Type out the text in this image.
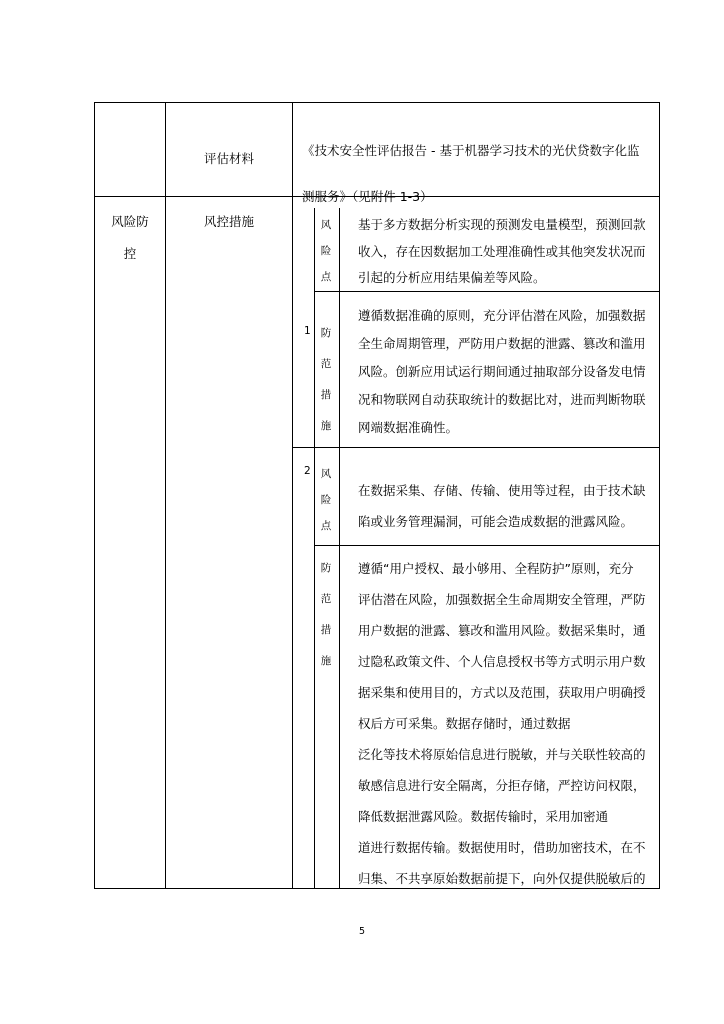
评估材料
《技术安全性评估报告 - 基于机器学习技术的光伏贷数字化监
测服务》（见附件 1-3）
风险防
控
风控措施
1
风
险
点
基于多方数据分析实现的预测发电量模型，预测回款
收入，存在因数据加工处理准确性或其他突发状况而
引起的分析应用结果偏差等风险。
防
范
措
施
遵循数据准确的原则，充分评估潜在风险，加强数据
全生命周期管理，严防用户数据的泄露、篡改和滥用
风险。创新应用试运行期间通过抽取部分设备发电情
况和物联网自动获取统计的数据比对，进而判断物联
网端数据准确性。
2 风
险
点
在数据采集、存储、传输、使用等过程，由于技术缺
陷或业务管理漏洞，可能会造成数据的泄露风险。
防
范
措
施
遵循“用户授权、最小够用、全程防护”原则，充分
评估潜在风险，加强数据全生命周期安全管理，严防
用户数据的泄露、篡改和滥用风险。数据采集时，通
过隐私政策文件、个人信息授权书等方式明示用户数
据采集和使用目的，方式以及范围，获取用户明确授
权后方可采集。数据存储时，通过数据
泛化等技术将原始信息进行脱敏，并与关联性较高的
敏感信息进行安全隔离，分拒存储，严控访问权限，
降低数据泄露风险。数据传输时，采用加密通
道进行数据传输。数据使用时，借助加密技术，在不
归集、不共享原始数据前提下，向外仅提供脱敏后的
5
